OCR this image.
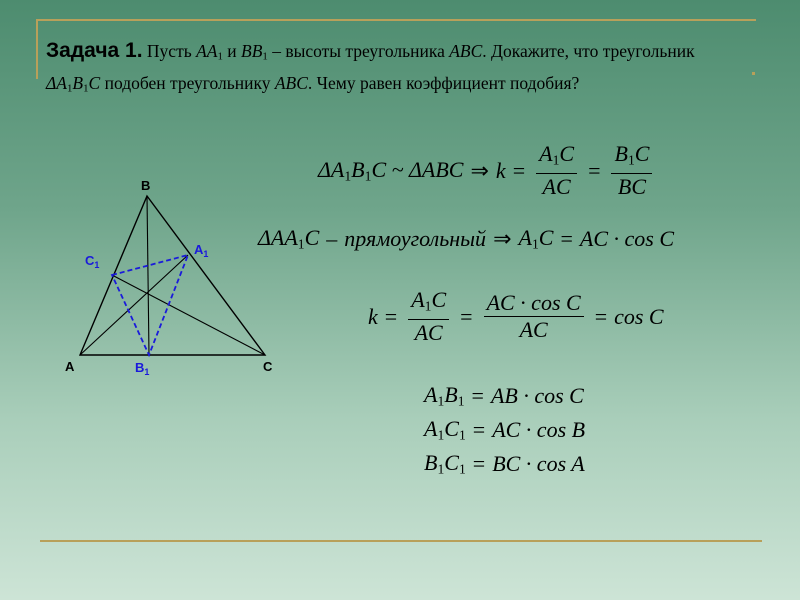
Задача 1. Пусть $AA_1$ и $BB_1$ – высоты треугольника ABC. Докажите, что треугольник $\Delta A_1B_1C$ подобен треугольнику ABC. Чему равен коэффициент подобия?
$\Delta A_1B_1C$ ~ ΔABC ⇒ $k = \frac{A_1C}{AC} = \frac{B_1C}{BC}$
$\Delta AA_1C$ – прямоугольный ⇒ $A_1C$ = AC · cos C
$k = \frac{A_1C}{AC} = \frac{\text{AC · cos C}}{AC} = \cos C$
$A_1B_1$ = AB · cos C
$A_1C_1$ = AC · cos B
$B_1C_1$ = BC · cos A
B
A	C
$A_1$
$B_1$
$C_1$
